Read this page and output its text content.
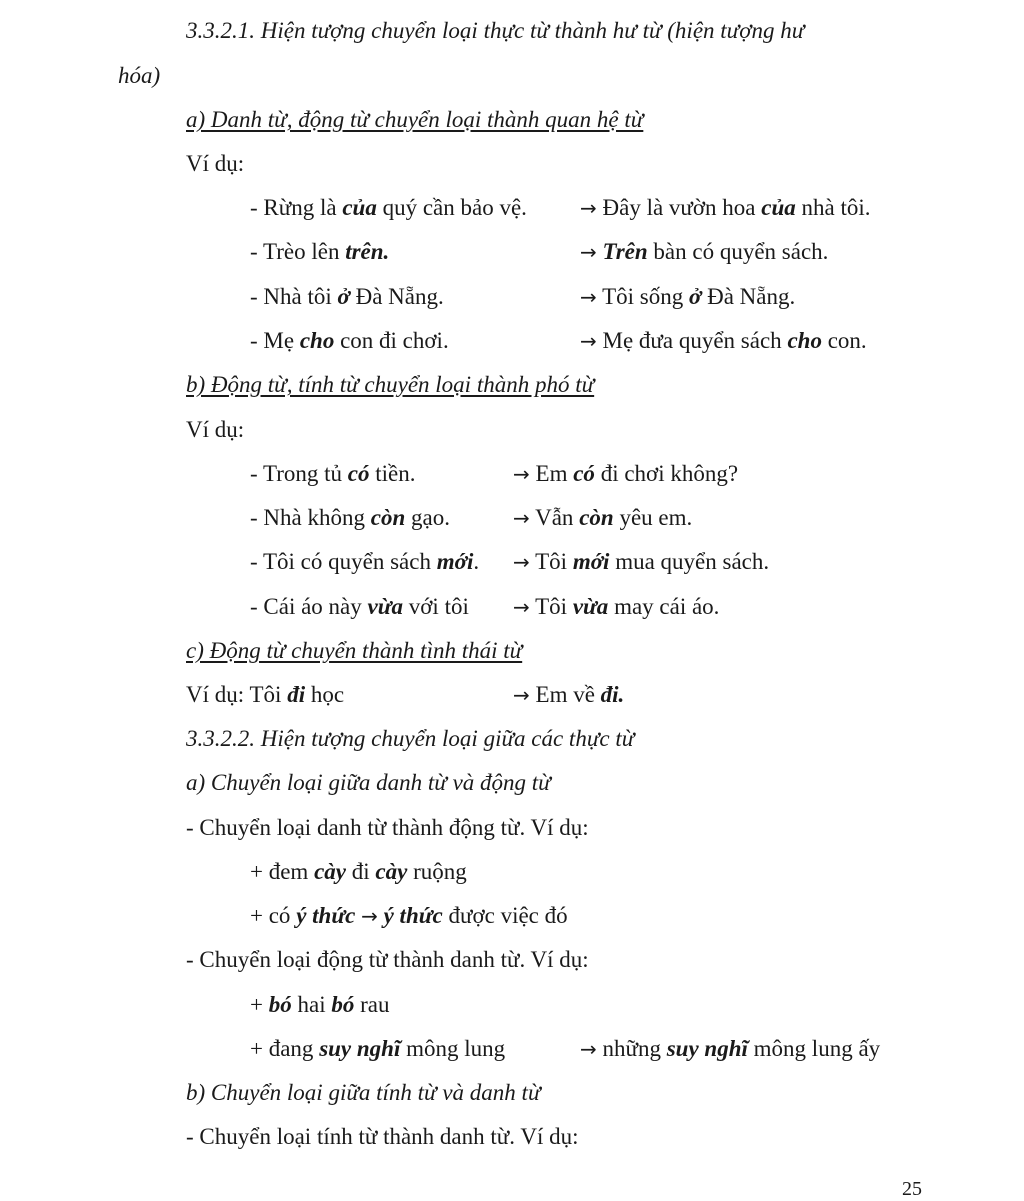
3.3.2.1. Hiện tượng chuyển loại thực từ thành hư từ (hiện tượng hư
hóa)
a) Danh từ, động từ chuyển loại thành quan hệ từ
Ví dụ:
- Rừng là của quý cần bảo vệ.	→ Đây là vườn hoa của nhà tôi.
- Trèo lên trên.	→ Trên bàn có quyển sách.
- Nhà tôi ở Đà Nẵng.	→ Tôi sống ở Đà Nẵng.
- Mẹ cho con đi chơi.	→ Mẹ đưa quyển sách cho con.
b) Động từ, tính từ chuyển loại thành phó từ
Ví dụ:
- Trong tủ có tiền.	→ Em có đi chơi không?
- Nhà không còn gạo.	→ Vẫn còn yêu em.
- Tôi có quyển sách mới. → Tôi mới mua quyển sách.
- Cái áo này vừa với tôi → Tôi vừa may cái áo.
c) Động từ chuyển thành tình thái từ
Ví dụ: Tôi đi học	→ Em về đi.
3.3.2.2. Hiện tượng chuyển loại giữa các thực từ
a) Chuyển loại giữa danh từ và động từ
- Chuyển loại danh từ thành động từ. Ví dụ:
+ đem cày đi cày ruộng
+ có ý thức → ý thức được việc đó
- Chuyển loại động từ thành danh từ. Ví dụ:
+ bó hai bó rau
+ đang suy nghĩ mông lung	→ những suy nghĩ mông lung ấy
b) Chuyển loại giữa tính từ và danh từ
- Chuyển loại tính từ thành danh từ. Ví dụ:
25
